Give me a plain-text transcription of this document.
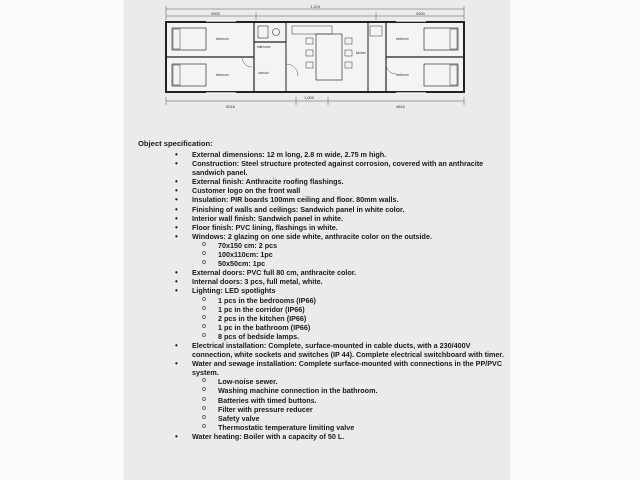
4900
1,224
4900
bedroom
bedroom
bathroom
corridor
kitchen
bedroom
bedroom
5016
1,000
4816
Object specification:
• External dimensions: 12 m long, 2.8 m wide, 2.75 m high.
• Construction: Steel structure protected against corrosion, covered with an anthracite sandwich panel.
• External finish: Anthracite roofing flashings.
• Customer logo on the front wall
• Insulation: PIR boards 100mm ceiling and floor. 80mm walls.
• Finishing of walls and ceilings: Sandwich panel in white color.
• Interior wall finish: Sandwich panel in white.
• Floor finish: PVC lining, flashings in white.
• Windows: 2 glazing on one side white, anthracite color on the outside.
o 70x150 cm: 2 pcs
o 100x110cm: 1pc
o 50x50cm: 1pc
• External doors: PVC full 80 cm, anthracite color.
• Internal doors: 3 pcs, full metal, white.
• Lighting: LED spotlights
o 1 pcs in the bedrooms (IP66)
o 1 pc in the corridor (IP66)
o 2 pcs in the kitchen (IP66)
o 1 pc in the bathroom (IP66)
o 8 pcs of bedside lamps.
• Electrical installation: Complete, surface-mounted in cable ducts, with a 230/400V connection, white sockets and switches (IP 44). Complete electrical switchboard with timer.
• Water and sewage installation: Complete surface-mounted with connections in the PP/PVC system.
o Low-noise sewer.
o Washing machine connection in the bathroom.
o Batteries with timed buttons.
o Filter with pressure reducer
o Safety valve
o Thermostatic temperature limiting valve
• Water heating: Boiler with a capacity of 50 L.
